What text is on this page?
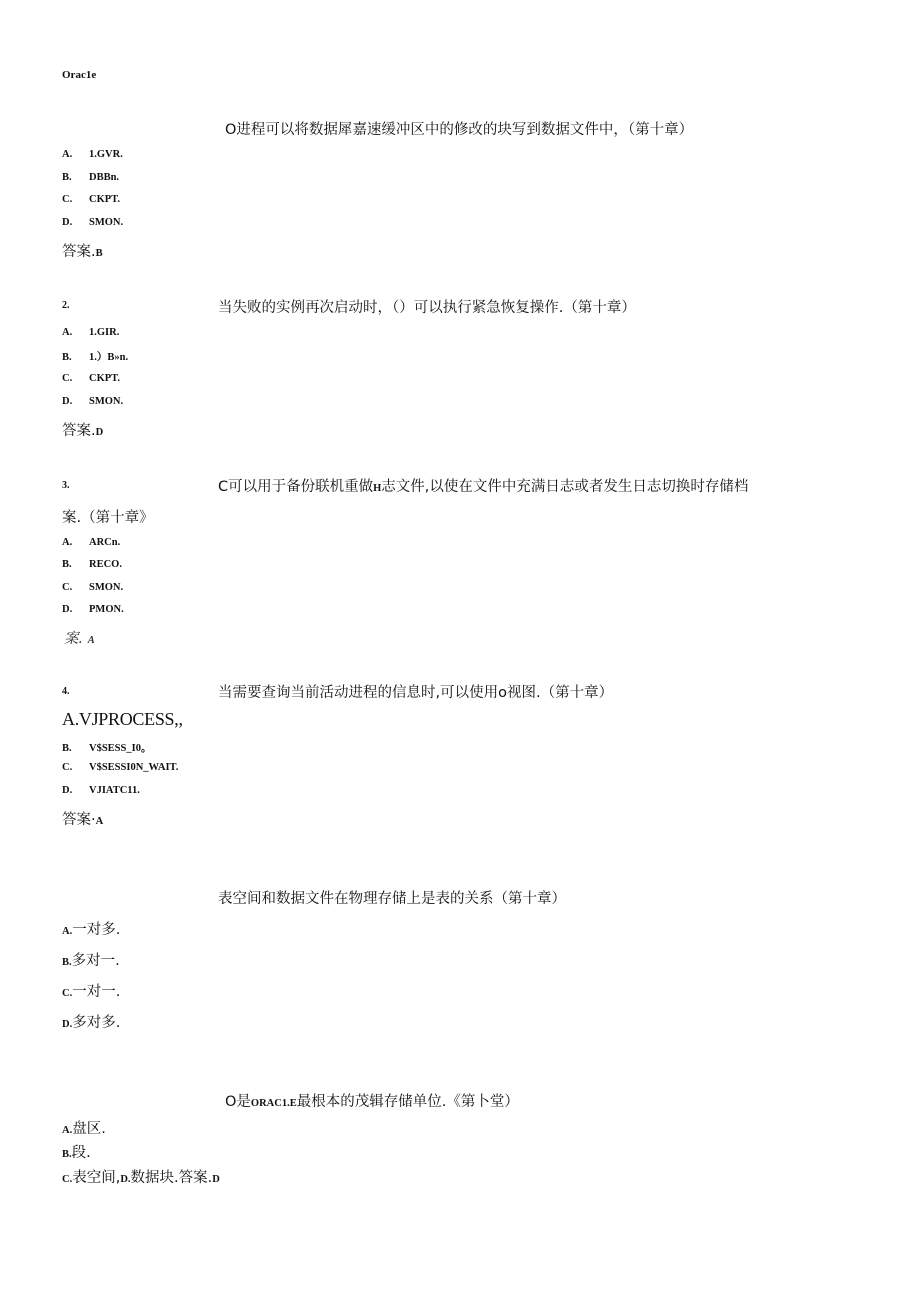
Orac1e
O进程可以将数据犀嘉速缓冲区中的修改的块写到数据文件中，（第十章）
A. 1.GVR.
B. DBBn.
C. CKPT.
D. SMON.
答案.B
2.	当失败的实例再次启动时，（）可以执行紧急恢复操作.（第十章）
A. 1.GIR.
B. 1.）B»n.
C. CKPT.
D. SMON.
答案.D
3.	C可以用于备份联机重做H志文件,以使在文件中充满日志或者发生日志切换时存储档
案.（第十章》
A. ARCn.
B. RECO.
C. SMON.
D. PMON.
案. A
4.	当需要查询当前活动进程的信息时,可以使用o视图.（第十章）
A.VJPROCESS,,
B. V$SESS_I0。
C. V$SESSI0N_WAIT.
D. VJIATC11.
答案·A
表空间和数据文件在物理存储上是表的关系（第十章）
A.一对多.
B.多对一.
C.一对一.
D.多对多.
O是ORAC1.E最根本的茂辑存储单位.《第卜堂）
A.盘区.
B.段.
C.表空间,D.数据块.答案.D
